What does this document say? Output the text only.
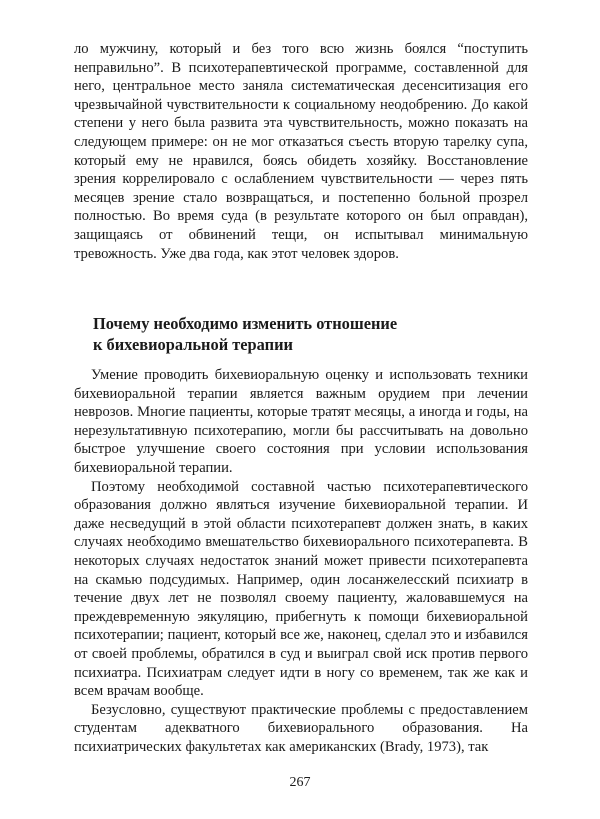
ло мужчину, который и без того всю жизнь боялся “поступить неправильно”. В психотерапевтической программе, составленной для него, центральное место заняла систематическая десенситизация его чрезвычайной чувствительности к социальному неодобрению. До какой степени у него была развита эта чувствительность, можно показать на следующем примере: он не мог отказаться съесть вторую тарелку супа, который ему не нравился, боясь обидеть хозяйку. Восстановление зрения коррелировало с ослаблением чувствительности — через пять месяцев зрение стало возвращаться, и постепенно больной прозрел полностью. Во время суда (в результате которого он был оправдан), защищаясь от обвинений тещи, он испытывал минимальную тревожность. Уже два года, как этот человек здоров.

Почему необходимо изменить отношение
к бихевиоральной терапии

Умение проводить бихевиоральную оценку и использовать техники бихевиоральной терапии является важным орудием при лечении неврозов. Многие пациенты, которые тратят месяцы, а иногда и годы, на нерезультативную психотерапию, могли бы рассчитывать на довольно быстрое улучшение своего состояния при условии использования бихевиоральной терапии.

Поэтому необходимой составной частью психотерапевтического образования должно являться изучение бихевиоральной терапии. И даже несведущий в этой области психотерапевт должен знать, в каких случаях необходимо вмешательство бихевиорального психотерапевта. В некоторых случаях недостаток знаний может привести психотерапевта на скамью подсудимых. Например, один лосанжелесский психиатр в течение двух лет не позволял своему пациенту, жаловавшемуся на преждевременную эякуляцию, прибегнуть к помощи бихевиоральной психотерапии; пациент, который все же, наконец, сделал это и избавился от своей проблемы, обратился в суд и выиграл свой иск против первого психиатра. Психиатрам следует идти в ногу со временем, так же как и всем врачам вообще.

Безусловно, существуют практические проблемы с предоставлением студентам адекватного бихевиорального образования. На психиатрических факультетах как американских (Brady, 1973), так

267
